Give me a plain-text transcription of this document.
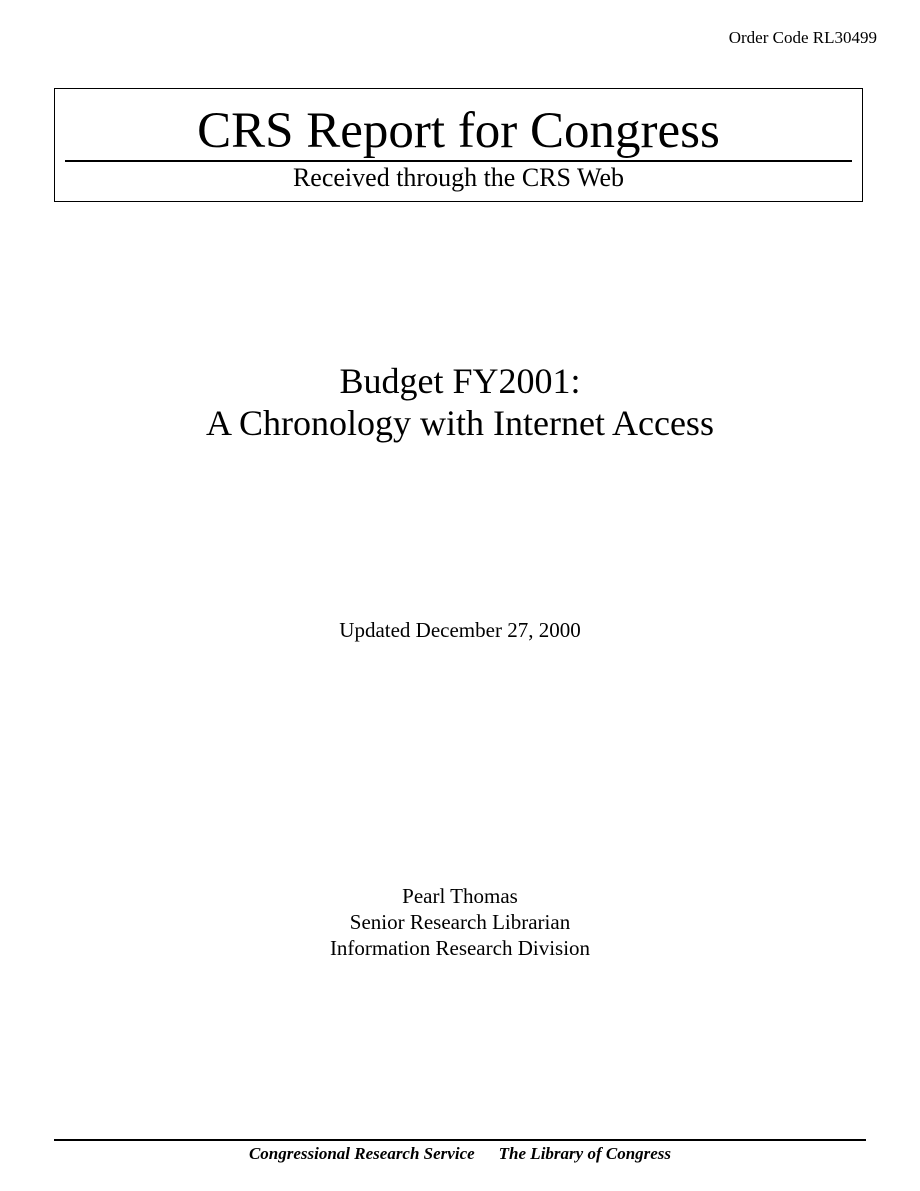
Order Code RL30499
CRS Report for Congress
Received through the CRS Web
Budget FY2001:
A Chronology with Internet Access
Updated December 27, 2000
Pearl Thomas
Senior Research Librarian
Information Research Division
Congressional Research Service The Library of Congress
